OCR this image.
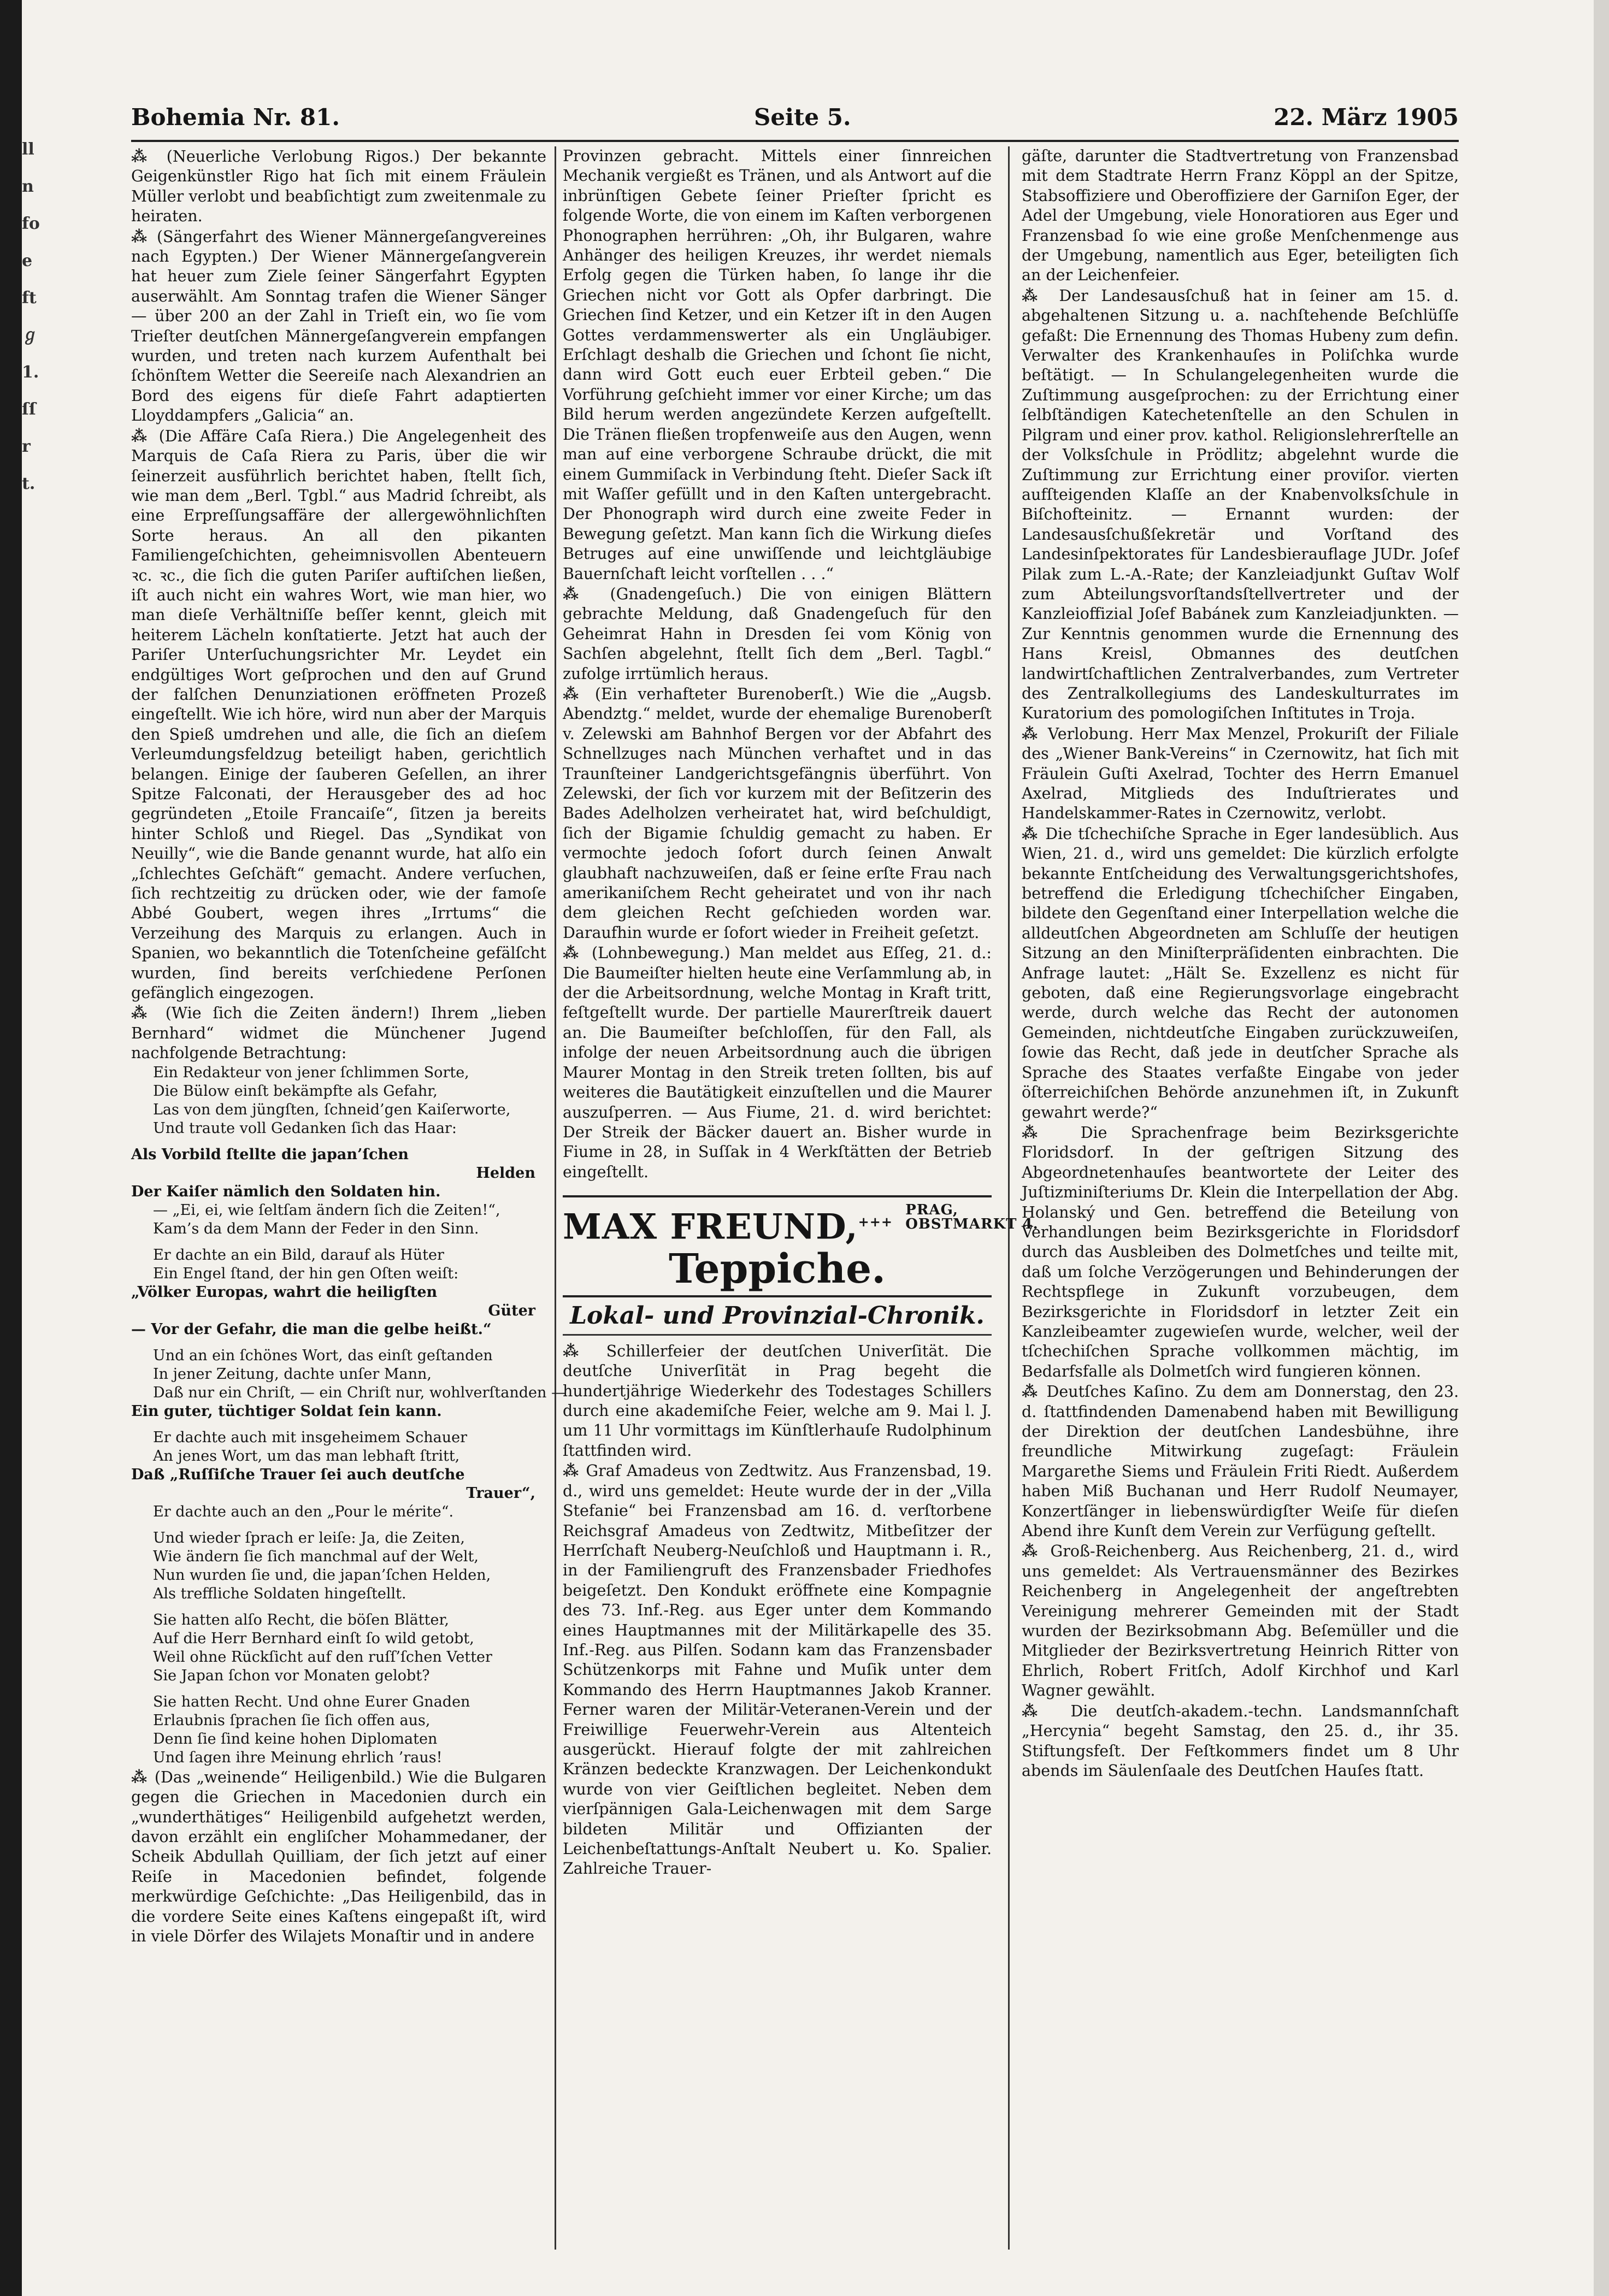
ll
n
fo
e
ft
ℊ
1.
ſſ
r
t.
Bohemia Nr. 81.	Seite 5.	22. März 1905

⁂ (Neuerliche Verlobung Rigos.) Der bekannte Geigenkünstler Rigo hat ſich mit einem Fräulein Müller verlobt und beabſichtigt zum zweitenmale zu heiraten.

⁂ (Sängerfahrt des Wiener Männergeſangvereines nach Egypten.) Der Wiener Männergeſangverein hat heuer zum Ziele ſeiner Sängerfahrt Egypten auserwählt. Am Sonntag trafen die Wiener Sänger — über 200 an der Zahl in Trieſt ein, wo ſie vom Trieſter deutſchen Männergeſangverein empfangen wurden, und treten nach kurzem Aufenthalt bei ſchönſtem Wetter die Seereiſe nach Alexandrien an Bord des eigens für dieſe Fahrt adaptierten Lloyddampfers „Galicia“ an.

⁂ (Die Affäre Caſa Riera.) Die Angelegenheit des Marquis de Caſa Riera zu Paris, über die wir ſeinerzeit ausführlich berichtet haben, ſtellt ſich, wie man dem „Berl. Tgbl.“ aus Madrid ſchreibt, als eine Erpreſſungsaffäre der allergewöhnlichſten Sorte heraus. An all den pikanten Familiengeſchichten, geheimnisvollen Abenteuern ꝛc. ꝛc., die ſich die guten Pariſer auftiſchen ließen, iſt auch nicht ein wahres Wort, wie man hier, wo man dieſe Verhältniſſe beſſer kennt, gleich mit heiterem Lächeln konſtatierte. Jetzt hat auch der Pariſer Unterſuchungsrichter Mr. Leydet ein endgültiges Wort geſprochen und den auf Grund der falſchen Denunziationen eröffneten Prozeß eingeſtellt. Wie ich höre, wird nun aber der Marquis den Spieß umdrehen und alle, die ſich an dieſem Verleumdungsfeldzug beteiligt haben, gerichtlich belangen. Einige der ſauberen Geſellen, an ihrer Spitze Falconati, der Herausgeber des ad hoc gegründeten „Etoile Francaiſe“, ſitzen ja bereits hinter Schloß und Riegel. Das „Syndikat von Neuilly“, wie die Bande genannt wurde, hat alſo ein „ſchlechtes Geſchäft“ gemacht. Andere verſuchen, ſich rechtzeitig zu drücken oder, wie der famoſe Abbé Goubert, wegen ihres „Irrtums“ die Verzeihung des Marquis zu erlangen. Auch in Spanien, wo bekanntlich die Totenſcheine gefälſcht wurden, ſind bereits verſchiedene Perſonen gefänglich eingezogen.

⁂ (Wie ſich die Zeiten ändern!) Ihrem „lieben Bernhard“ widmet die Münchener Jugend nachfolgende Betrachtung:

Ein Redakteur von jener ſchlimmen Sorte,
Die Bülow einſt bekämpfte als Gefahr,
Las von dem jüngſten, ſchneid’gen Kaiſerworte,
Und traute voll Gedanken ſich das Haar:
Als Vorbild ſtellte die japan’ſchen
Helden
Der Kaiſer nämlich den Soldaten hin.
— „Ei, ei, wie ſeltſam ändern ſich die Zeiten!“,
Kam’s da dem Mann der Feder in den Sinn.
Er dachte an ein Bild, darauf als Hüter
Ein Engel ſtand, der hin gen Oſten weiſt:
„Völker Europas, wahrt die heiligſten
Güter
— Vor der Gefahr, die man die gelbe heißt.“
Und an ein ſchönes Wort, das einſt geſtanden
In jener Zeitung, dachte unſer Mann,
Daß nur ein Chriſt, — ein Chriſt nur, wohlverſtanden —
Ein guter, tüchtiger Soldat ſein kann.
Er dachte auch mit insgeheimem Schauer
An jenes Wort, um das man lebhaft ſtritt,
Daß „Ruſſiſche Trauer ſei auch deutſche
Trauer“,
Er dachte auch an den „Pour le mérite“.
Und wieder ſprach er leiſe: Ja, die Zeiten,
Wie ändern ſie ſich manchmal auf der Welt,
Nun wurden ſie und, die japan’ſchen Helden,
Als treffliche Soldaten hingeſtellt.
Sie hatten alſo Recht, die böſen Blätter,
Auf die Herr Bernhard einſt ſo wild getobt,
Weil ohne Rückſicht auf den ruſſ’ſchen Vetter
Sie Japan ſchon vor Monaten gelobt?
Sie hatten Recht. Und ohne Eurer Gnaden
Erlaubnis ſprachen ſie ſich offen aus,
Denn ſie ſind keine hohen Diplomaten
Und ſagen ihre Meinung ehrlich ’raus!

⁂ (Das „weinende“ Heiligenbild.) Wie die Bulgaren gegen die Griechen in Macedonien durch ein „wunderthätiges“ Heiligenbild aufgehetzt werden, davon erzählt ein engliſcher Mohammedaner, der Scheik Abdullah Quilliam, der ſich jetzt auf einer Reiſe in Macedonien befindet, folgende merkwürdige Geſchichte: „Das Heiligenbild, das in die vordere Seite eines Kaſtens eingepaßt iſt, wird in viele Dörfer des Wilajets Monaſtir und in andere

Provinzen gebracht. Mittels einer ſinnreichen Mechanik vergießt es Tränen, und als Antwort auf die inbrünſtigen Gebete ſeiner Prieſter ſpricht es folgende Worte, die von einem im Kaſten verborgenen Phonographen herrühren: „Oh, ihr Bulgaren, wahre Anhänger des heiligen Kreuzes, ihr werdet niemals Erfolg gegen die Türken haben, ſo lange ihr die Griechen nicht vor Gott als Opfer darbringt. Die Griechen ſind Ketzer, und ein Ketzer iſt in den Augen Gottes verdammenswerter als ein Ungläubiger. Erſchlagt deshalb die Griechen und ſchont ſie nicht, dann wird Gott euch euer Erbteil geben.“ Die Vorführung geſchieht immer vor einer Kirche; um das Bild herum werden angezündete Kerzen aufgeſtellt. Die Tränen fließen tropfenweiſe aus den Augen, wenn man auf eine verborgene Schraube drückt, die mit einem Gummiſack in Verbindung ſteht. Dieſer Sack iſt mit Waſſer gefüllt und in den Kaſten untergebracht. Der Phonograph wird durch eine zweite Feder in Bewegung geſetzt. Man kann ſich die Wirkung dieſes Betruges auf eine unwiſſende und leichtgläubige Bauernſchaft leicht vorſtellen . . .“

⁂ (Gnadengeſuch.) Die von einigen Blättern gebrachte Meldung, daß Gnadengeſuch für den Geheimrat Hahn in Dresden ſei vom König von Sachſen abgelehnt, ſtellt ſich dem „Berl. Tagbl.“ zufolge irrtümlich heraus.

⁂ (Ein verhafteter Burenoberſt.) Wie die „Augsb. Abendztg.“ meldet, wurde der ehemalige Burenoberſt v. Zelewski am Bahnhof Bergen vor der Abfahrt des Schnellzuges nach München verhaftet und in das Traunſteiner Landgerichtsgefängnis überführt. Von Zelewski, der ſich vor kurzem mit der Beſitzerin des Bades Adelholzen verheiratet hat, wird beſchuldigt, ſich der Bigamie ſchuldig gemacht zu haben. Er vermochte jedoch ſofort durch ſeinen Anwalt glaubhaft nachzuweiſen, daß er ſeine erſte Frau nach amerikaniſchem Recht geheiratet und von ihr nach dem gleichen Recht geſchieden worden war. Daraufhin wurde er ſofort wieder in Freiheit geſetzt.

⁂ (Lohnbewegung.) Man meldet aus Eſſeg, 21. d.: Die Baumeiſter hielten heute eine Verſammlung ab, in der die Arbeitsordnung, welche Montag in Kraft tritt, feſtgeſtellt wurde. Der partielle Maurerſtreik dauert an. Die Baumeiſter beſchloſſen, für den Fall, als infolge der neuen Arbeitsordnung auch die übrigen Maurer Montag in den Streik treten ſollten, bis auf weiteres die Bautätigkeit einzuſtellen und die Maurer auszuſperren. — Aus Fiume, 21. d. wird berichtet: Der Streik der Bäcker dauert an. Bisher wurde in Fiume in 28, in Suſſak in 4 Werkſtätten der Betrieb eingeſtellt.

MAX FREUND,+++ PRAG,
OBSTMARKT 4.
Teppiche.
Lokal- und Provinzial-Chronik.

⁂ Schillerfeier der deutſchen Univerſität. Die deutſche Univerſität in Prag begeht die hundertjährige Wiederkehr des Todestages Schillers durch eine akademiſche Feier, welche am 9. Mai l. J. um 11 Uhr vormittags im Künſtlerhauſe Rudolphinum ſtattfinden wird.

⁂ Graf Amadeus von Zedtwitz. Aus Franzensbad, 19. d., wird uns gemeldet: Heute wurde der in der „Villa Stefanie“ bei Franzensbad am 16. d. verſtorbene Reichsgraf Amadeus von Zedtwitz, Mitbeſitzer der Herrſchaft Neuberg-Neuſchloß und Hauptmann i. R., in der Familiengruft des Franzensbader Friedhofes beigeſetzt. Den Kondukt eröffnete eine Kompagnie des 73. Inf.-Reg. aus Eger unter dem Kommando eines Hauptmannes mit der Militärkapelle des 35. Inf.-Reg. aus Pilſen. Sodann kam das Franzensbader Schützenkorps mit Fahne und Muſik unter dem Kommando des Herrn Hauptmannes Jakob Kranner. Ferner waren der Militär-Veteranen-Verein und der Freiwillige Feuerwehr-Verein aus Altenteich ausgerückt. Hierauf folgte der mit zahlreichen Kränzen bedeckte Kranzwagen. Der Leichenkondukt wurde von vier Geiſtlichen begleitet. Neben dem vierſpännigen Gala-Leichenwagen mit dem Sarge bildeten Militär und Offizianten der Leichenbeſtattungs-Anſtalt Neubert u. Ko. Spalier. Zahlreiche Trauer-

gäſte, darunter die Stadtvertretung von Franzensbad mit dem Stadtrate Herrn Franz Köppl an der Spitze, Stabsoffiziere und Oberoffiziere der Garniſon Eger, der Adel der Umgebung, viele Honoratioren aus Eger und Franzensbad ſo wie eine große Menſchenmenge aus der Umgebung, namentlich aus Eger, beteiligten ſich an der Leichenfeier.

⁂ Der Landesausſchuß hat in ſeiner am 15. d. abgehaltenen Sitzung u. a. nachſtehende Beſchlüſſe gefaßt: Die Ernennung des Thomas Hubeny zum defin. Verwalter des Krankenhauſes in Poliſchka wurde beſtätigt. — In Schulangelegenheiten wurde die Zuſtimmung ausgeſprochen: zu der Errichtung einer ſelbſtändigen Katechetenſtelle an den Schulen in Pilgram und einer prov. kathol. Religionslehrerſtelle an der Volksſchule in Prödlitz; abgelehnt wurde die Zuſtimmung zur Errichtung einer proviſor. vierten aufſteigenden Klaſſe an der Knabenvolksſchule in Biſchofteinitz. — Ernannt wurden: der Landesausſchußſekretär und Vorſtand des Landesinſpektorates für Landesbierauflage JUDr. Joſef Pilak zum L.-A.-Rate; der Kanzleiadjunkt Guſtav Wolf zum Abteilungsvorſtandsſtellvertreter und der Kanzleioffizial Joſef Babánek zum Kanzleiadjunkten. — Zur Kenntnis genommen wurde die Ernennung des Hans Kreisl, Obmannes des deutſchen landwirtſchaftlichen Zentralverbandes, zum Vertreter des Zentralkollegiums des Landeskulturrates im Kuratorium des pomologiſchen Inſtitutes in Troja.

⁂ Verlobung. Herr Max Menzel, Prokuriſt der Filiale des „Wiener Bank-Vereins“ in Czernowitz, hat ſich mit Fräulein Guſti Axelrad, Tochter des Herrn Emanuel Axelrad, Mitglieds des Induſtrierates und Handelskammer-Rates in Czernowitz, verlobt.

⁂ Die tſchechiſche Sprache in Eger landesüblich. Aus Wien, 21. d., wird uns gemeldet: Die kürzlich erfolgte bekannte Entſcheidung des Verwaltungsgerichtshofes, betreffend die Erledigung tſchechiſcher Eingaben, bildete den Gegenſtand einer Interpellation welche die alldeutſchen Abgeordneten am Schluſſe der heutigen Sitzung an den Miniſterpräſidenten einbrachten. Die Anfrage lautet: „Hält Se. Exzellenz es nicht für geboten, daß eine Regierungsvorlage eingebracht werde, durch welche das Recht der autonomen Gemeinden, nichtdeutſche Eingaben zurückzuweiſen, ſowie das Recht, daß jede in deutſcher Sprache als Sprache des Staates verfaßte Eingabe von jeder öſterreichiſchen Behörde anzunehmen iſt, in Zukunft gewahrt werde?“

⁂ Die Sprachenfrage beim Bezirksgerichte Floridsdorf. In der geſtrigen Sitzung des Abgeordnetenhauſes beantwortete der Leiter des Juſtizminiſteriums Dr. Klein die Interpellation der Abg. Holanský und Gen. betreffend die Beteilung von Verhandlungen beim Bezirksgerichte in Floridsdorf durch das Ausbleiben des Dolmetſches und teilte mit, daß um ſolche Verzögerungen und Behinderungen der Rechtspflege in Zukunft vorzubeugen, dem Bezirksgerichte in Floridsdorf in letzter Zeit ein Kanzleibeamter zugewieſen wurde, welcher, weil der tſchechiſchen Sprache vollkommen mächtig, im Bedarfsfalle als Dolmetſch wird fungieren können.

⁂ Deutſches Kaſino. Zu dem am Donnerstag, den 23. d. ſtattfindenden Damenabend haben mit Bewilligung der Direktion der deutſchen Landesbühne, ihre freundliche Mitwirkung zugeſagt: Fräulein Margarethe Siems und Fräulein Friti Riedt. Außerdem haben Miß Buchanan und Herr Rudolf Neumayer, Konzertſänger in liebenswürdigſter Weiſe für dieſen Abend ihre Kunſt dem Verein zur Verfügung geſtellt.

⁂ Groß-Reichenberg. Aus Reichenberg, 21. d., wird uns gemeldet: Als Vertrauensmänner des Bezirkes Reichenberg in Angelegenheit der angeſtrebten Vereinigung mehrerer Gemeinden mit der Stadt wurden der Bezirksobmann Abg. Beſemüller und die Mitglieder der Bezirksvertretung Heinrich Ritter von Ehrlich, Robert Fritſch, Adolf Kirchhof und Karl Wagner gewählt.

⁂ Die deutſch-akadem.-techn. Landsmannſchaft „Hercynia“ begeht Samstag, den 25. d., ihr 35. Stiftungsfeſt. Der Feſtkommers findet um 8 Uhr abends im Säulenſaale des Deutſchen Hauſes ſtatt.
